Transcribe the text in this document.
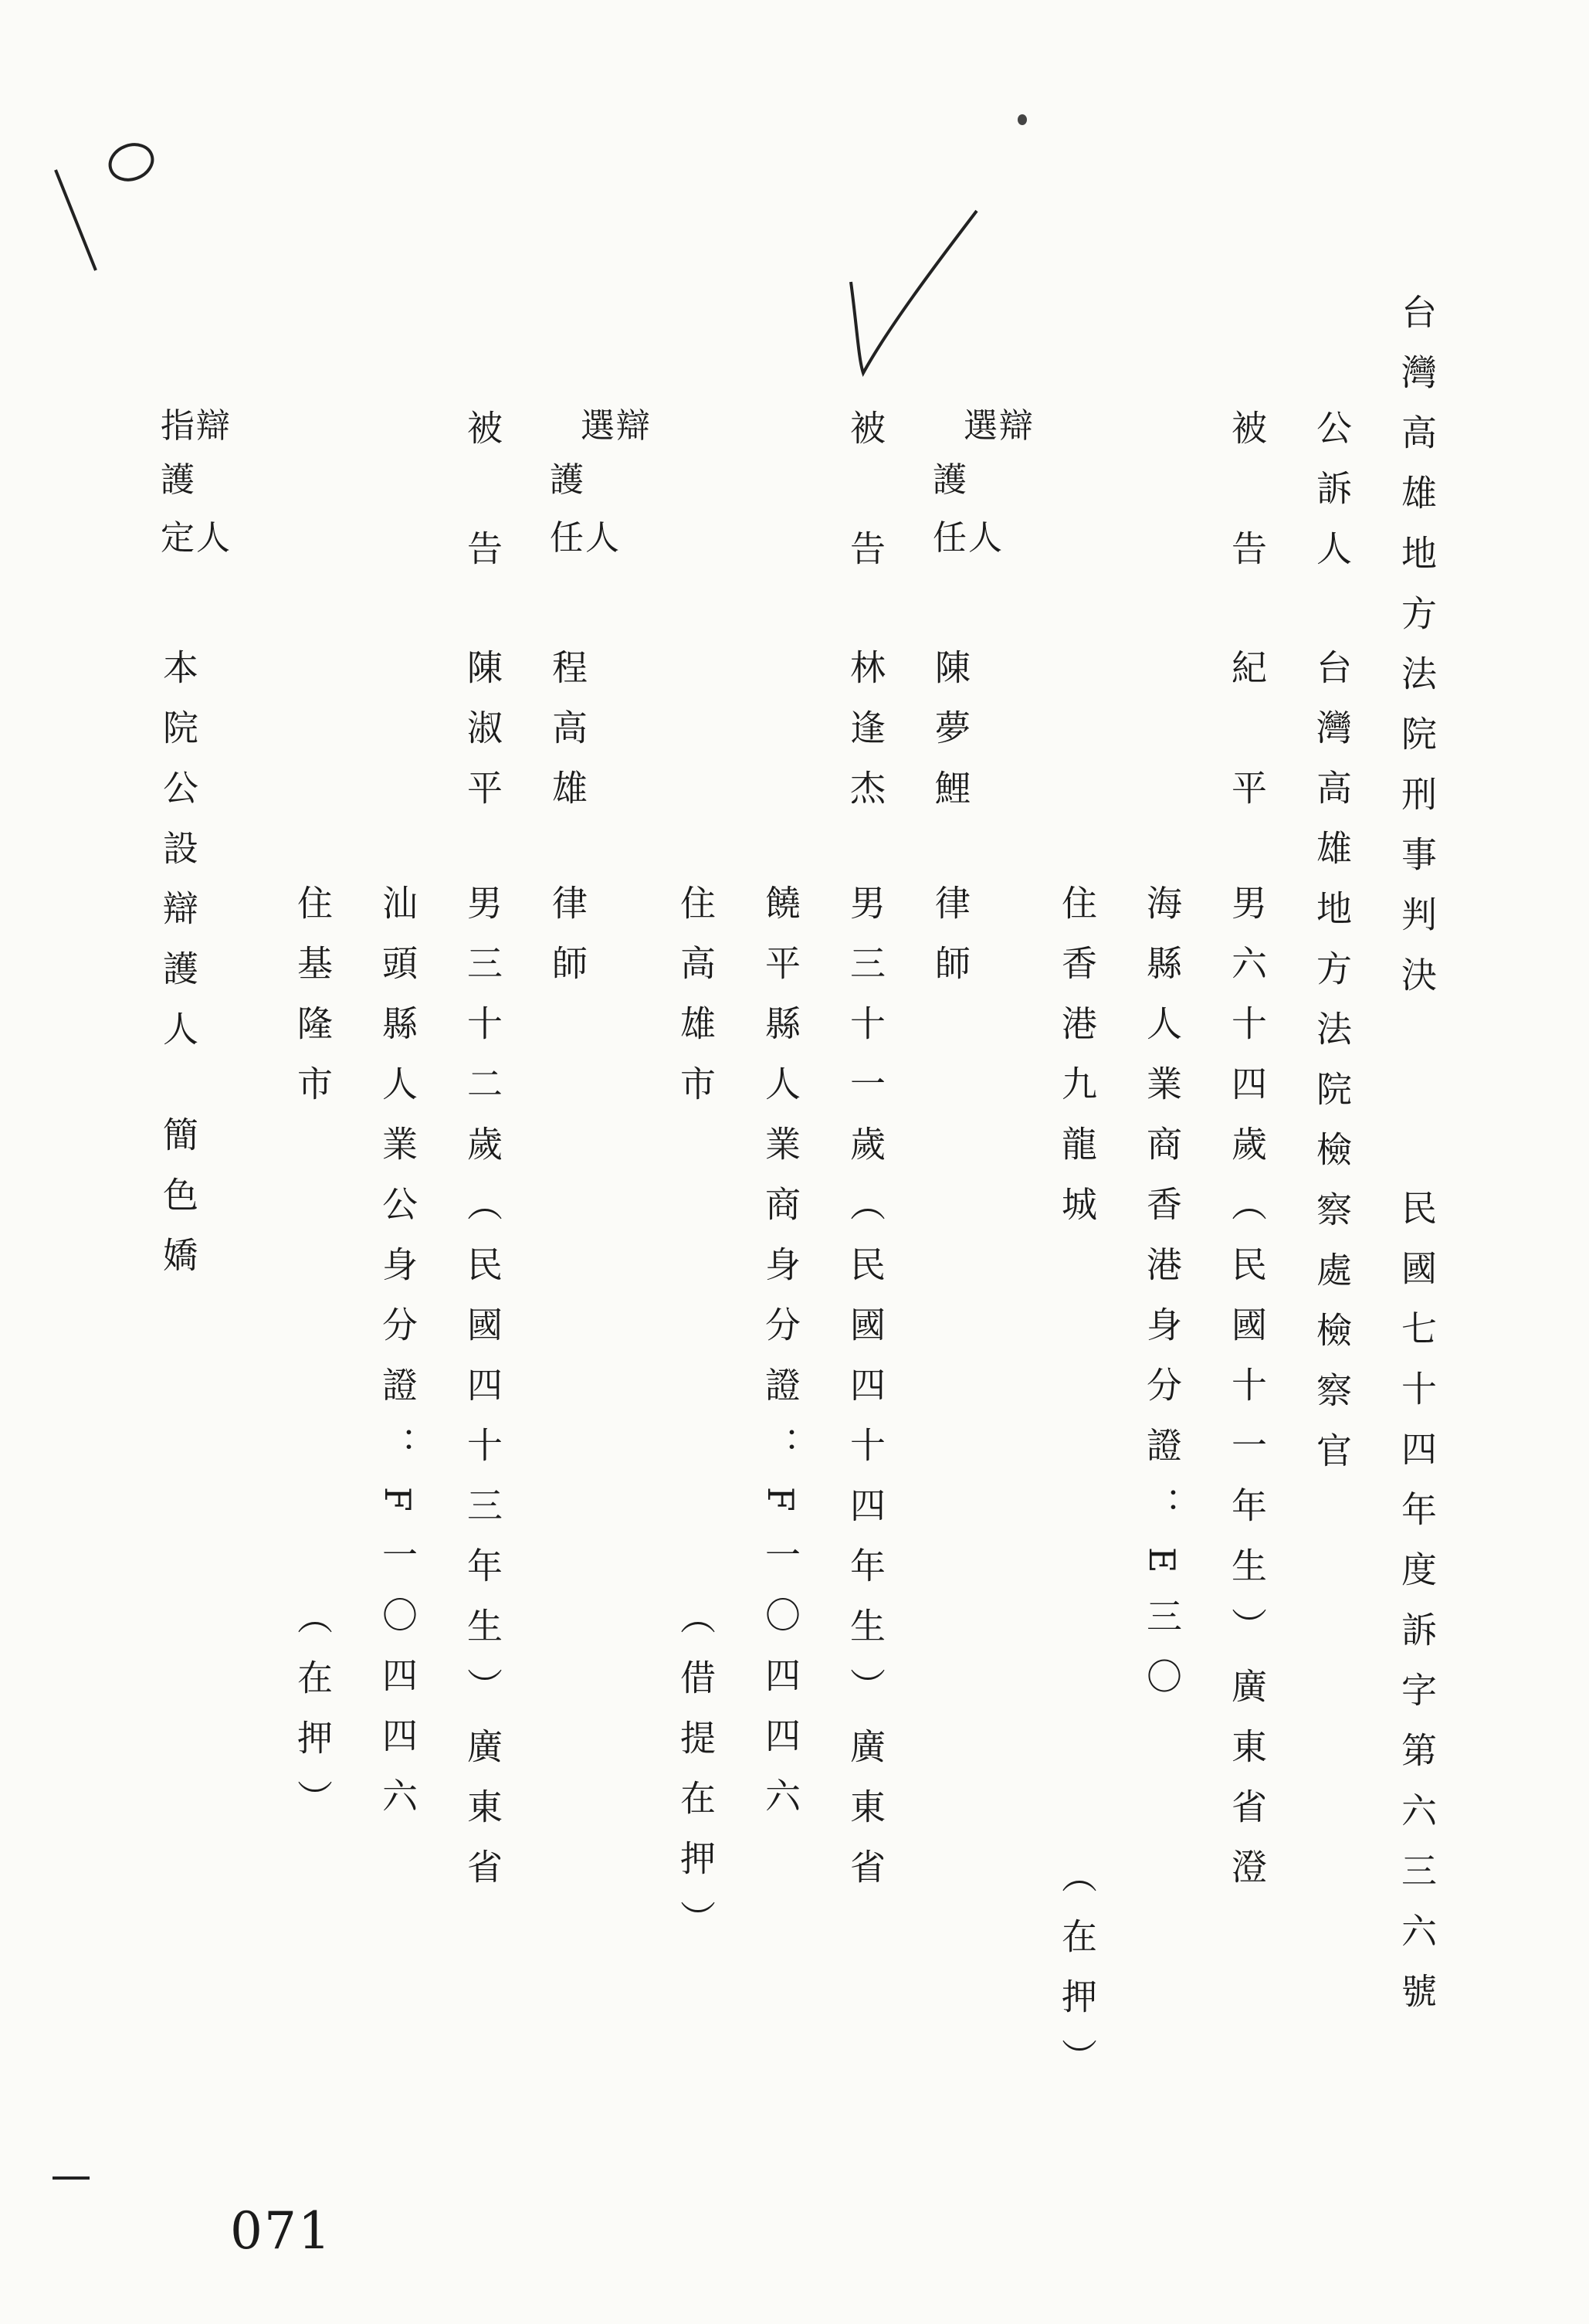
台灣高雄地方法院刑事判決
民國七十四年度訴字第六三六號
公訴人
台灣高雄地方法院檢察處檢察官
被告
紀平
男六十四歲（民國十一年生）廣東省澄
海縣人業商香港身分證：E三〇
住香港九龍城
（在押）
選辯
護
任人
陳夢鯉
律師
被告
林逢杰
男三十一歲（民國四十四年生）廣東省
饒平縣人業商身分證：F一〇四四六
住高雄市
（借提在押）
選辯
護
任人
程高雄
律師
被告
陳淑平
男三十二歲（民國四十三年生）廣東省
汕頭縣人業公身分證：F一〇四四六
住基隆市
（在押）
指辯
護
定人
本院公設辯護人
簡色嬌
071	10
